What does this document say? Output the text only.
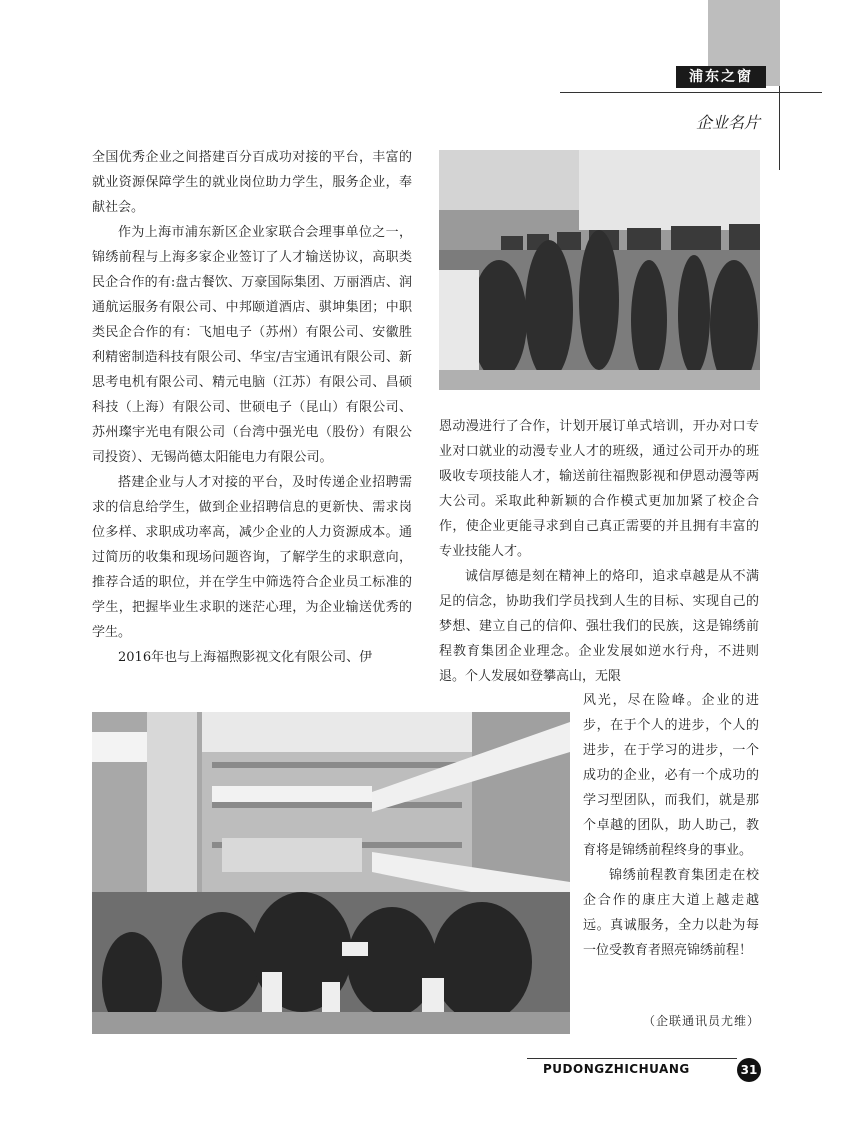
浦东之窗
企业名片

全国优秀企业之间搭建百分百成功对接的平台，丰富的就业资源保障学生的就业岗位助力学生，服务企业，奉献社会。

作为上海市浦东新区企业家联合会理事单位之一，锦绣前程与上海多家企业签订了人才输送协议，高职类民企合作的有:盘古餐饮、万豪国际集团、万丽酒店、润通航运服务有限公司、中邦颐道酒店、骐坤集团；中职类民企合作的有：飞旭电子（苏州）有限公司、安徽胜利精密制造科技有限公司、华宝/吉宝通讯有限公司、新思考电机有限公司、精元电脑（江苏）有限公司、昌硕科技（上海）有限公司、世硕电子（昆山）有限公司、苏州璨宇光电有限公司（台湾中强光电（股份）有限公司投资）、无锡尚德太阳能电力有限公司。

搭建企业与人才对接的平台，及时传递企业招聘需求的信息给学生，做到企业招聘信息的更新快、需求岗位多样、求职成功率高，减少企业的人力资源成本。通过简历的收集和现场问题咨询，了解学生的求职意向，推荐合适的职位，并在学生中筛选符合企业员工标准的学生，把握毕业生求职的迷茫心理，为企业输送优秀的学生。

2016年也与上海福煦影视文化有限公司、伊

恩动漫进行了合作，计划开展订单式培训，开办对口专业对口就业的动漫专业人才的班级，通过公司开办的班吸收专项技能人才，输送前往福煦影视和伊恩动漫等两大公司。采取此种新颖的合作模式更加加紧了校企合作，使企业更能寻求到自己真正需要的并且拥有丰富的专业技能人才。

诚信厚德是刻在精神上的烙印，追求卓越是从不满足的信念，协助我们学员找到人生的目标、实现自己的梦想、建立自己的信仰、强壮我们的民族，这是锦绣前程教育集团企业理念。企业发展如逆水行舟，不进则退。个人发展如登攀高山，无限

风光，尽在险峰。企业的进步，在于个人的进步，个人的进步，在于学习的进步，一个成功的企业，必有一个成功的学习型团队，而我们，就是那个卓越的团队，助人助己，教育将是锦绣前程终身的事业。

锦绣前程教育集团走在校企合作的康庄大道上越走越远。真诚服务，全力以赴为每一位受教育者照亮锦绣前程！

（企联通讯员尤维）
PUDONGZHICHUANG	31
